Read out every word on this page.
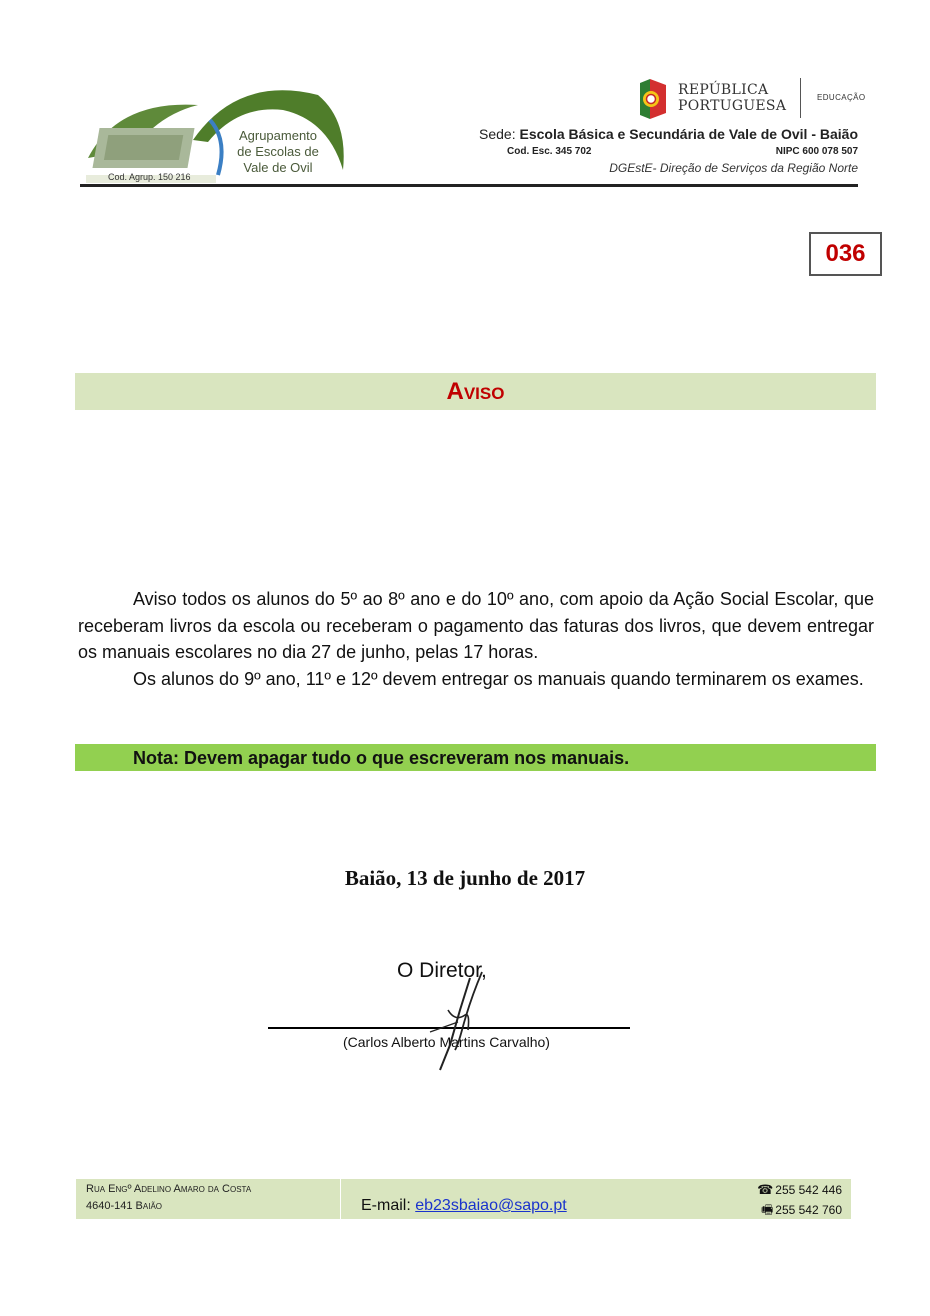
Agrupamento
de Escolas de
Vale de Ovil
Cod. Agrup. 150 216
REPÚBLICA
PORTUGUESA
EDUCAÇÃO
Sede: Escola Básica e Secundária de Vale de Ovil - Baião
Cod. Esc. 345 702	NIPC 600 078 507
DGEstE- Direção de Serviços da Região Norte
036
Aviso

Aviso todos os alunos do 5º ao 8º ano e do 10º ano, com apoio da Ação Social Escolar, que receberam livros da escola ou receberam o pagamento das faturas dos livros, que devem entregar os manuais escolares no dia 27 de junho, pelas 17 horas.

Os alunos do 9º ano, 11º e 12º devem entregar os manuais quando terminarem os exames.

Nota: Devem apagar tudo o que escreveram nos manuais.
Baião, 13 de junho de 2017
O Diretor,
(Carlos Alberto Martins Carvalho)
Rua Engº Adelino Amaro da Costa
4640-141 Baião	E-mail: eb23sbaiao@sapo.pt
☎ 255 542 446
🖷 255 542 760
